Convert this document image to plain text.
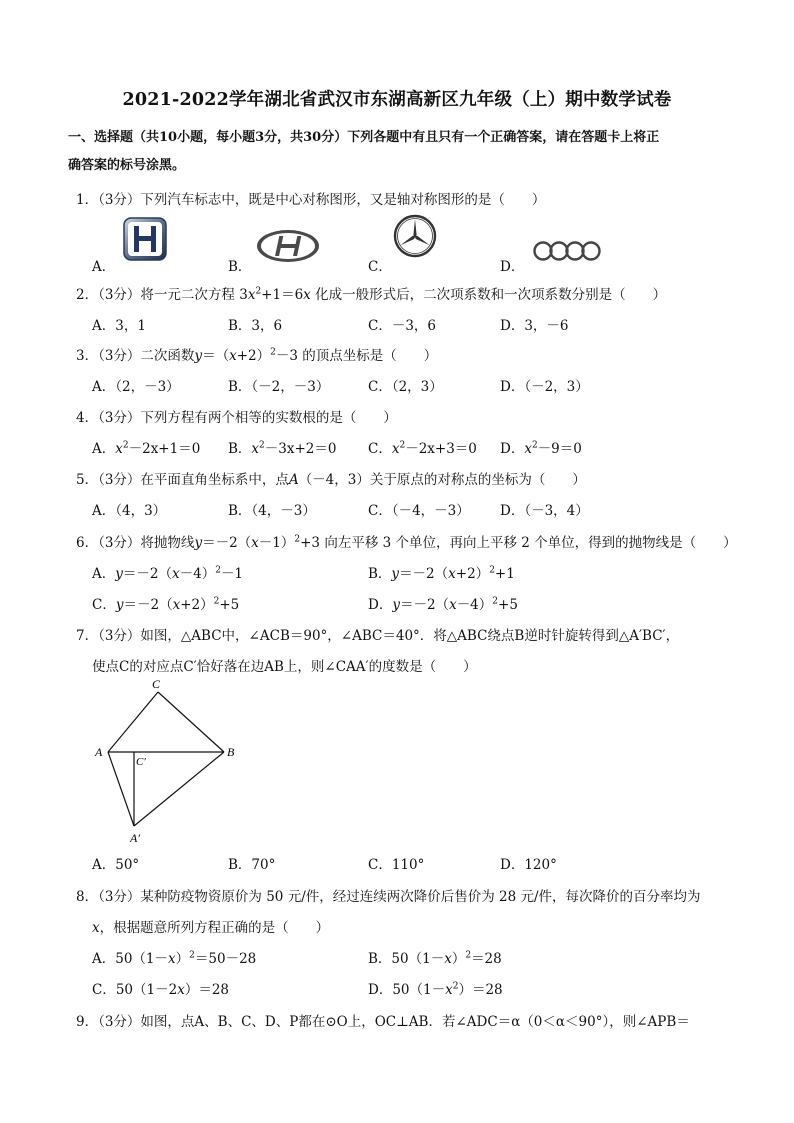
2021-2022学年湖北省武汉市东湖高新区九年级（上）期中数学试卷
一、选择题（共10小题，每小题3分，共30分）下列各题中有且只有一个正确答案，请在答题卡上将正
确答案的标号涂黑。
1．（3分）下列汽车标志中，既是中心对称图形，又是轴对称图形的是（　　）
A．	B．	C．	D．
2．（3分）将一元二次方程 $3x^2+1=6x$ 化成一般形式后，二次项系数和一次项系数分别是（　　）
A．3，1	B．3，6	C．－3，6	D．3，－6
3．（3分）二次函数$y=(x+2)^2-3$ 的顶点坐标是（　　）
A．（2，－3）	B．（－2，－3）	C．（2，3）	D．（－2，3）
4．（3分）下列方程有两个相等的实数根的是（　　）
A．$x^2-2x+1=0$ B．$x^2-3x+2=0$ C．$x^2-2x+3=0$ D．$x^2-9=0$
5．（3分）在平面直角坐标系中，点A（－4，3）关于原点的对称点的坐标为（　　）
A．（4，3）	B．（4，－3）	C．（－4，－3） D．（－3，4）
6．（3分）将抛物线$y=-2(x-1)^2+3$ 向左平移 3 个单位，再向上平移 2 个单位，得到的抛物线是（　　）
A．$y=-2(x-4)^2-1$	B．$y=-2(x+2)^2+1$
C．$y=-2(x+2)^2+5$	D．$y=-2(x-4)^2+5$
7．（3分）如图，△ABC中，∠ACB＝90°，∠ABC＝40°．将△ABC绕点B逆时针旋转得到△A′BC′，
使点C的对应点C′恰好落在边AB上，则∠CAA′的度数是（　　）
C
A	B
C′
A′
A．50°	B．70°	C．110°	D．120°
8．（3分）某种防疫物资原价为 50 元/件，经过连续两次降价后售价为 28 元/件，每次降价的百分率均为
x，根据题意所列方程正确的是（　　）
A．$50(1-x)^2=50-28$	B．$50(1-x)^2=28$
C．50（1－2x）＝28	D．$50(1-x^2)=28$
9．（3分）如图，点A、B、C、D、P都在⊙O上，OC⊥AB．若∠ADC＝α（0＜α＜90°），则∠APB＝
